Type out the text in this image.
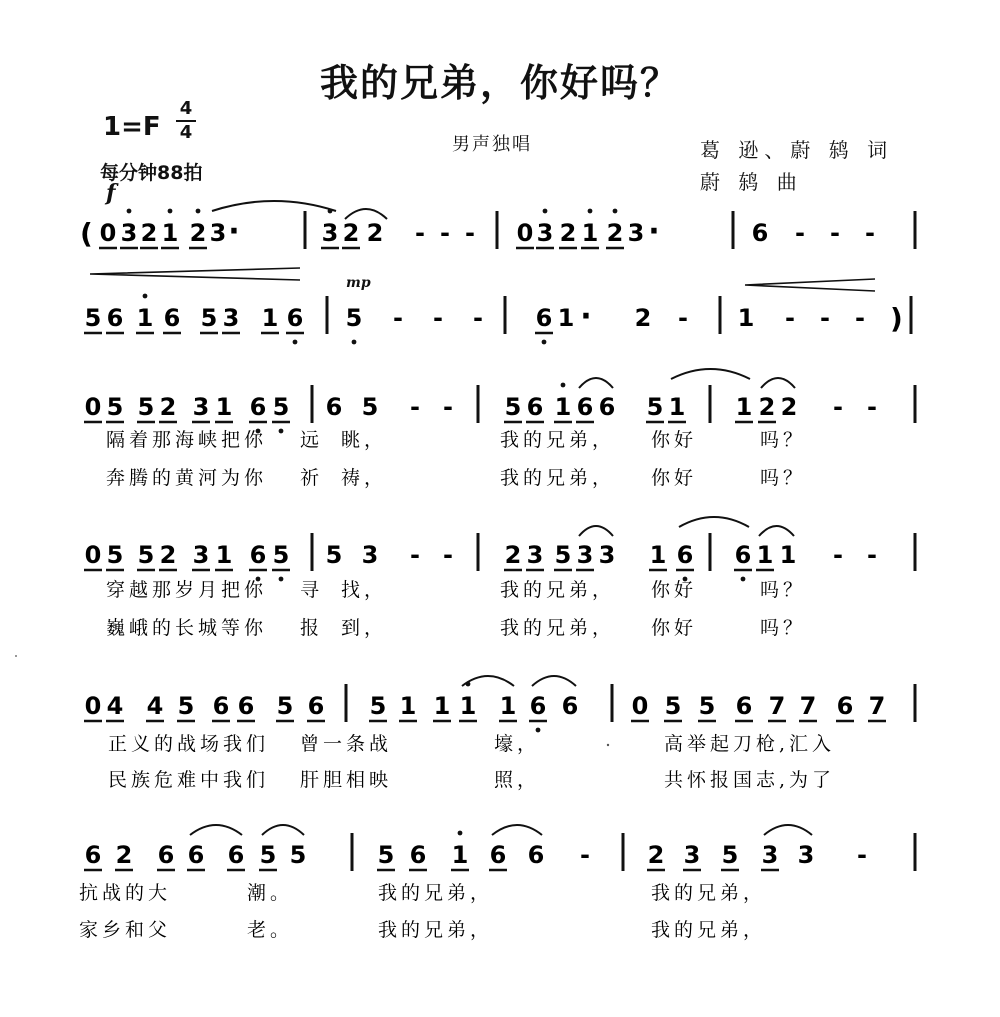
我的兄弟，你好吗？
1=F
4
4
每分钟88拍
f
mp
男声独唱	葛 逊、蔚 鸫 词
蔚 鸫 曲
( 0 3 2 1 2 3 ·	3 2 2 - - - 0 3 2 1 2 3 ·	6 - - -
)
5 6 1 6 5 3 1 6 5 - - - 6 1 · 2 - 1 - - -
0 5 5 2 3 1 6 5 6 5 - - 5 6 1 6 6 5 1 1 2 2 - -
隔着那海峡把你 远 眺，	我的兄弟， 你好	吗？
奔腾的黄河为你 祈 祷，	我的兄弟， 你好	吗？
0 5 5 2 3 1 6 5 5 3 - - 2 3 5 3 3 1 6 6 1 1 - -
穿越那岁月把你 寻 找，	我的兄弟， 你好	吗？
巍峨的长城等你 报 到，	我的兄弟， 你好	吗？
0 4 4 5 6 6 5 6 5 1 1 1 1 6 6 0 5 5 6 7 7 6 7
正义的战场我们 曾一条战	壕，	高举起刀枪,汇入
民族危难中我们 肝胆相映	照，	共怀报国志,为了
6 2 6 6 6 5 5	5 6 1 6 6 - 2 3 5 3 3 -
抗战的大	潮。	我的兄弟，	我的兄弟，
家乡和父	老。	我的兄弟，	我的兄弟，
